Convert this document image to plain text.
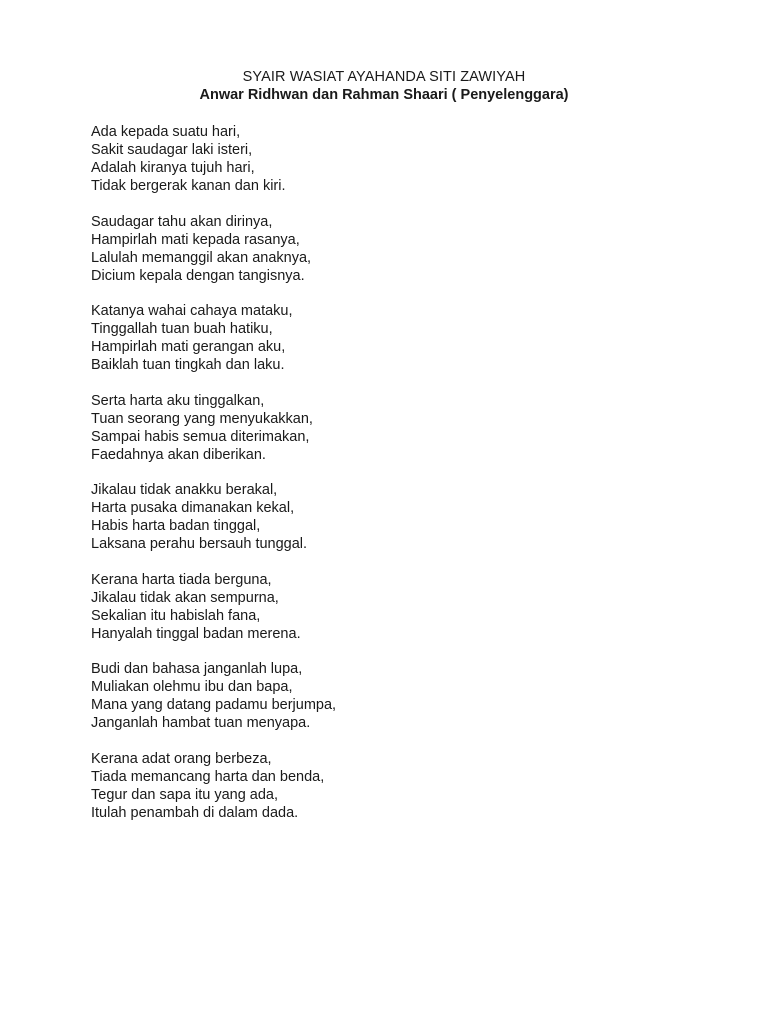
SYAIR WASIAT AYAHANDA SITI ZAWIYAH
Anwar Ridhwan dan Rahman Shaari ( Penyelenggara)
Ada kepada suatu hari,
Sakit saudagar laki isteri,
Adalah kiranya tujuh hari,
Tidak bergerak kanan dan kiri.
Saudagar tahu akan dirinya,
Hampirlah mati kepada rasanya,
Lalulah memanggil akan anaknya,
Dicium kepala dengan tangisnya.
Katanya wahai cahaya mataku,
Tinggallah tuan buah hatiku,
Hampirlah mati gerangan aku,
Baiklah tuan tingkah dan laku.
Serta harta aku tinggalkan,
Tuan seorang yang menyukakkan,
Sampai habis semua diterimakan,
Faedahnya akan diberikan.
Jikalau tidak anakku berakal,
Harta pusaka dimanakan kekal,
Habis harta badan tinggal,
Laksana perahu bersauh tunggal.
Kerana harta tiada berguna,
Jikalau tidak akan sempurna,
Sekalian itu habislah fana,
Hanyalah tinggal badan merena.
Budi dan bahasa janganlah lupa,
Muliakan olehmu ibu dan bapa,
Mana yang datang padamu berjumpa,
Janganlah hambat tuan menyapa.
Kerana adat orang berbeza,
Tiada memancang harta dan benda,
Tegur dan sapa itu yang ada,
Itulah penambah di dalam dada.
